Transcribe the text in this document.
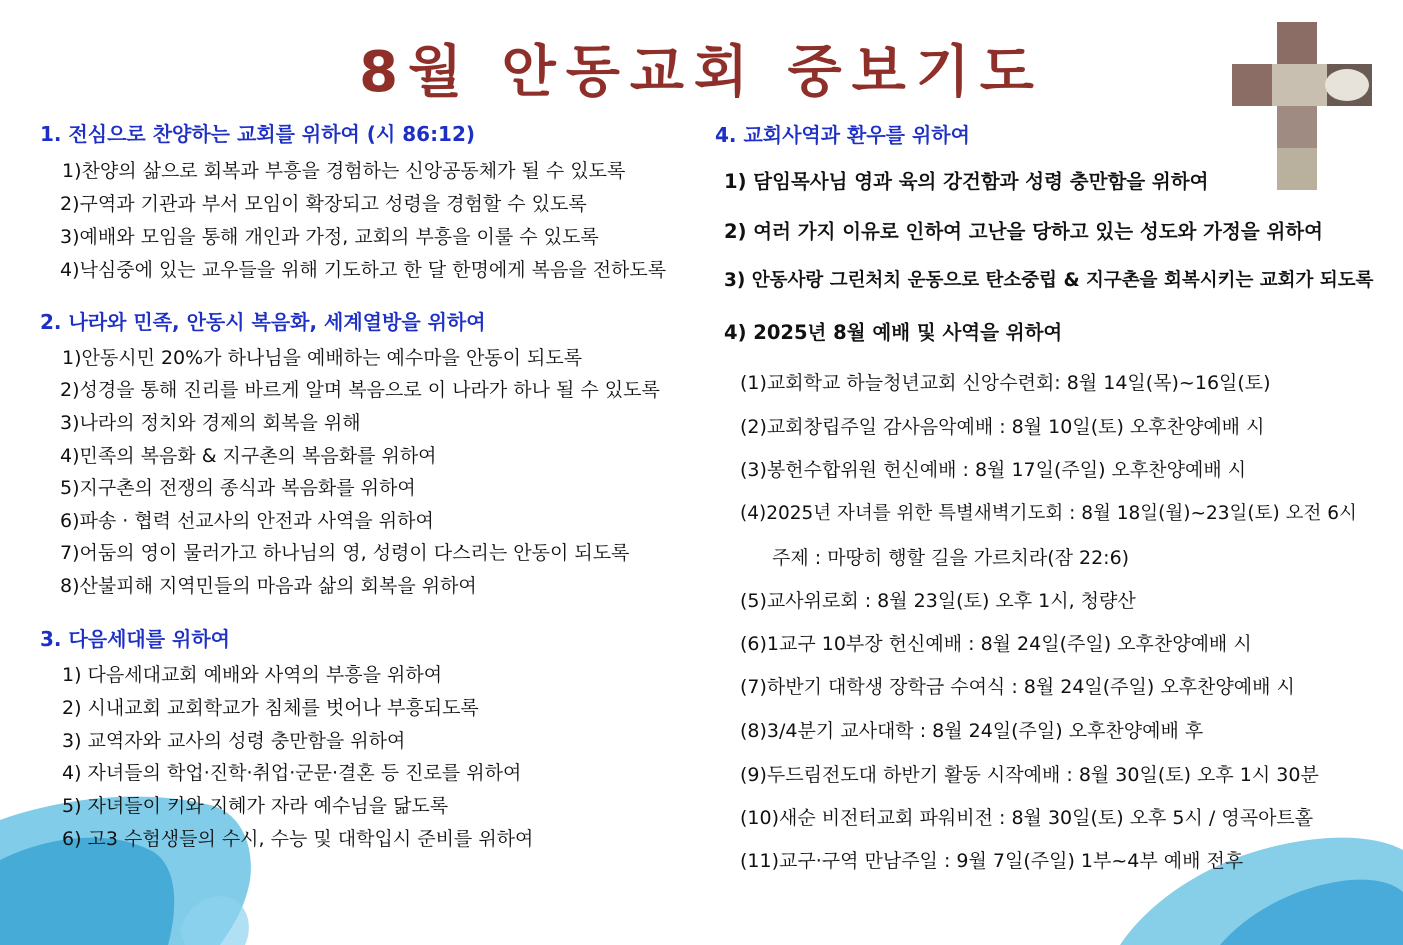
8월 안동교회 중보기도
1. 전심으로 찬양하는 교회를 위하여 (시 86:12)
1)찬양의 삶으로 회복과 부흥을 경험하는 신앙공동체가 될 수 있도록
2)구역과 기관과 부서 모임이 확장되고 성령을 경험할 수 있도록
3)예배와 모임을 통해 개인과 가정, 교회의 부흥을 이룰 수 있도록
4)낙심중에 있는 교우들을 위해 기도하고 한 달 한명에게 복음을 전하도록
2. 나라와 민족, 안동시 복음화, 세계열방을 위하여
1)안동시민 20%가 하나님을 예배하는 예수마을 안동이 되도록
2)성경을 통해 진리를 바르게 알며 복음으로 이 나라가 하나 될 수 있도록
3)나라의 정치와 경제의 회복을 위해
4)민족의 복음화 & 지구촌의 복음화를 위하여
5)지구촌의 전쟁의 종식과 복음화를 위하여
6)파송 · 협력 선교사의 안전과 사역을 위하여
7)어둠의 영이 물러가고 하나님의 영, 성령이 다스리는 안동이 되도록
8)산불피해 지역민들의 마음과 삶의 회복을 위하여
3. 다음세대를 위하여
1) 다음세대교회 예배와 사역의 부흥을 위하여
2) 시내교회 교회학교가 침체를 벗어나 부흥되도록
3) 교역자와 교사의 성령 충만함을 위하여
4) 자녀들의 학업·진학·취업·군문·결혼 등 진로를 위하여
5) 자녀들이 키와 지혜가 자라 예수님을 닮도록
6) 고3 수험생들의 수시, 수능 및 대학입시 준비를 위하여
4. 교회사역과 환우를 위하여
1) 담임목사님 영과 육의 강건함과 성령 충만함을 위하여
2) 여러 가지 이유로 인하여 고난을 당하고 있는 성도와 가정을 위하여
3) 안동사랑 그린처치 운동으로 탄소중립 & 지구촌을 회복시키는 교회가 되도록
4) 2025년 8월 예배 및 사역을 위하여
(1)교회학교 하늘청년교회 신앙수련회: 8월 14일(목)~16일(토)
(2)교회창립주일 감사음악예배 : 8월 10일(토) 오후찬양예배 시
(3)봉헌수합위원 헌신예배 : 8월 17일(주일) 오후찬양예배 시
(4)2025년 자녀를 위한 특별새벽기도회 : 8월 18일(월)~23일(토) 오전 6시
주제 : 마땅히 행할 길을 가르치라(잠 22:6)
(5)교사위로회 : 8월 23일(토) 오후 1시, 청량산
(6)1교구 10부장 헌신예배 : 8월 24일(주일) 오후찬양예배 시
(7)하반기 대학생 장학금 수여식 : 8월 24일(주일) 오후찬양예배 시
(8)3/4분기 교사대학 : 8월 24일(주일) 오후찬양예배 후
(9)두드림전도대 하반기 활동 시작예배 : 8월 30일(토) 오후 1시 30분
(10)새순 비전터교회 파워비전 : 8월 30일(토) 오후 5시 / 영곡아트홀
(11)교구·구역 만남주일 : 9월 7일(주일) 1부~4부 예배 전후
